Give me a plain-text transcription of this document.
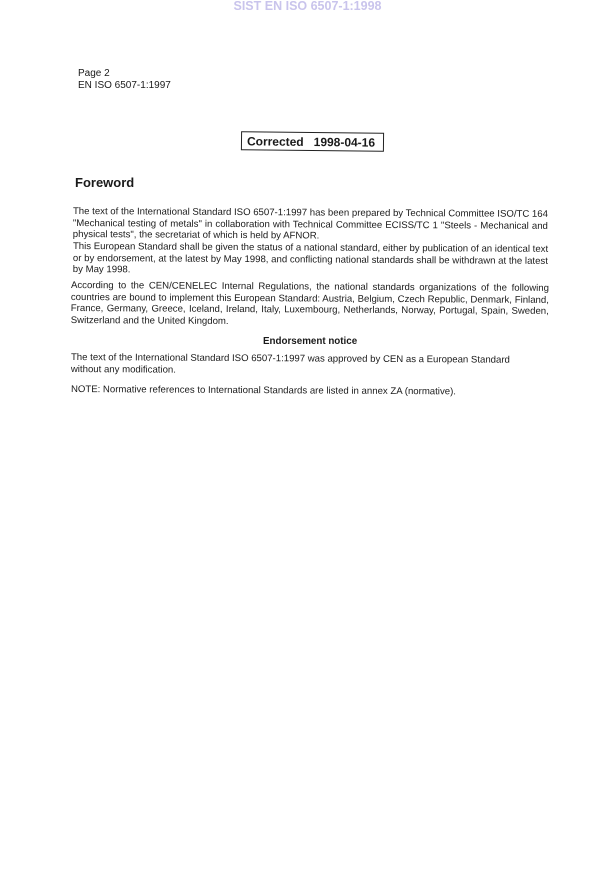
SIST EN ISO 6507-1:1998
Page 2
EN ISO 6507-1:1997
Corrected 1998-04-16
Foreword
The text of the International Standard ISO 6507-1:1997 has been prepared by Technical Committee ISO/TC 164
"Mechanical testing of metals" in collaboration with Technical Committee ECISS/TC 1 "Steels - Mechanical and
physical tests", the secretariat of which is held by AFNOR.
This European Standard shall be given the status of a national standard, either by publication of an identical text
or by endorsement, at the latest by May 1998, and conflicting national standards shall be withdrawn at the latest
by May 1998.
According to the CEN/CENELEC Internal Regulations, the national standards organizations of the following
countries are bound to implement this European Standard: Austria, Belgium, Czech Republic, Denmark, Finland,
France, Germany, Greece, Iceland, Ireland, Italy, Luxembourg, Netherlands, Norway, Portugal, Spain, Sweden,
Switzerland and the United Kingdom.
Endorsement notice
The text of the International Standard ISO 6507-1:1997 was approved by CEN as a European Standard
without any modification.
NOTE: Normative references to International Standards are listed in annex ZA (normative).
